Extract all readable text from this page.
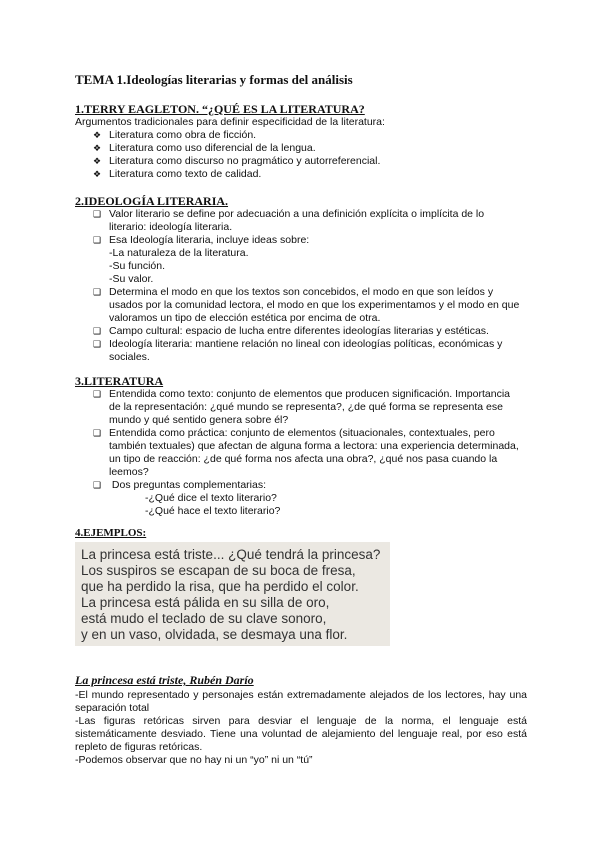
TEMA 1.Ideologías literarias y formas del análisis
1.TERRY EAGLETON. “¿QUÉ ES LA LITERATURA?
Argumentos tradicionales para definir especificidad de la literatura:
❖ Literatura como obra de ficción.
❖ Literatura como uso diferencial de la lengua.
❖ Literatura como discurso no pragmático y autorreferencial.
❖ Literatura como texto de calidad.
2.IDEOLOGÍA LITERARIA.
❑ Valor literario se define por adecuación a una definición explícita o implícita de lo literario: ideología literaria.
❑ Esa Ideología literaria, incluye ideas sobre:
-La naturaleza de la literatura.
-Su función.
-Su valor.
❑ Determina el modo en que los textos son concebidos, el modo en que son leídos y usados por la comunidad lectora, el modo en que los experimentamos y el modo en que valoramos un tipo de elección estética por encima de otra.
❑ Campo cultural: espacio de lucha entre diferentes ideologías literarias y estéticas.
❑ Ideología literaria: mantiene relación no lineal con ideologías políticas, económicas y sociales.
3.LITERATURA
❑ Entendida como texto: conjunto de elementos que producen significación. Importancia de la representación: ¿qué mundo se representa?, ¿de qué forma se representa ese mundo y qué sentido genera sobre él?
❑ Entendida como práctica: conjunto de elementos (situacionales, contextuales, pero también textuales) que afectan de alguna forma a lectora: una experiencia determinada, un tipo de reacción: ¿de qué forma nos afecta una obra?, ¿qué nos pasa cuando la leemos?
❑ Dos preguntas complementarias:
-¿Qué dice el texto literario?
-¿Qué hace el texto literario?
4.EJEMPLOS:
La princesa está triste... ¿Qué tendrá la princesa?
Los suspiros se escapan de su boca de fresa,
que ha perdido la risa, que ha perdido el color.
La princesa está pálida en su silla de oro,
está mudo el teclado de su clave sonoro,
y en un vaso, olvidada, se desmaya una flor.
La princesa está triste, Rubén Darío
-El mundo representado y personajes están extremadamente alejados de los lectores, hay una separación total
-Las figuras retóricas sirven para desviar el lenguaje de la norma, el lenguaje está sistemáticamente desviado. Tiene una voluntad de alejamiento del lenguaje real, por eso está repleto de figuras retóricas.
-Podemos observar que no hay ni un “yo” ni un “tú”
